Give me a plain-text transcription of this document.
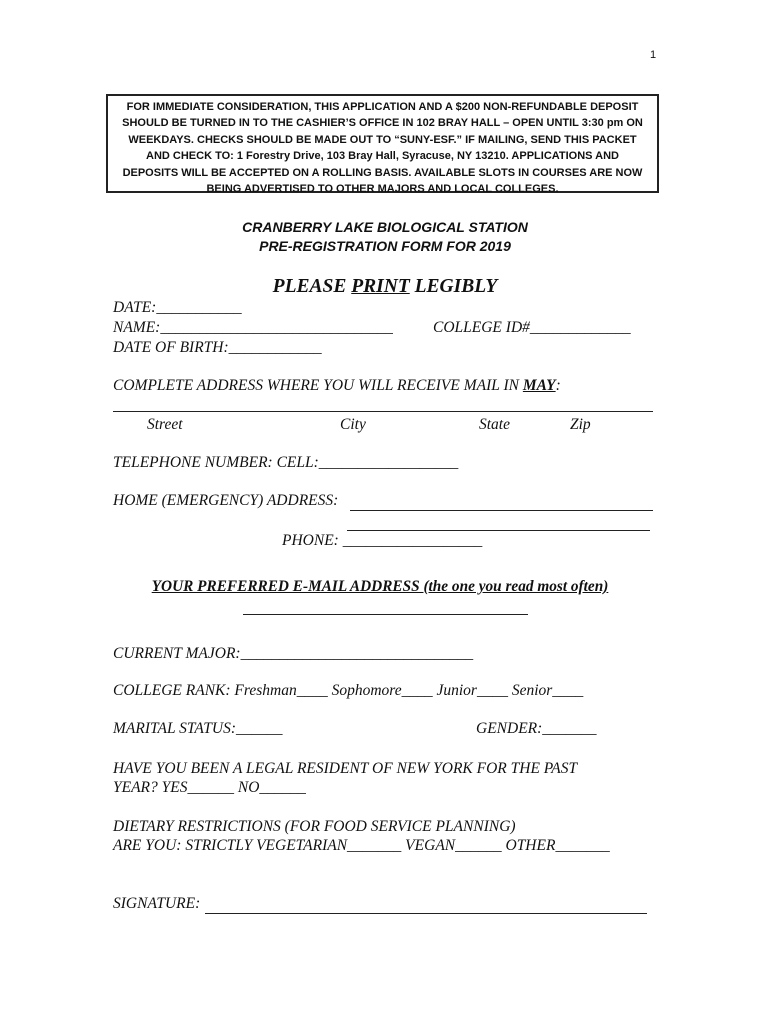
1
FOR IMMEDIATE CONSIDERATION, THIS APPLICATION AND A $200 NON-REFUNDABLE DEPOSIT
SHOULD BE TURNED IN TO THE CASHIER’S OFFICE IN 102 BRAY HALL – OPEN UNTIL 3:30 pm ON
WEEKDAYS. CHECKS SHOULD BE MADE OUT TO “SUNY-ESF.” IF MAILING, SEND THIS PACKET
AND CHECK TO: 1 Forestry Drive, 103 Bray Hall, Syracuse, NY 13210. APPLICATIONS AND
DEPOSITS WILL BE ACCEPTED ON A ROLLING BASIS. AVAILABLE SLOTS IN COURSES ARE NOW
BEING ADVERTISED TO OTHER MAJORS AND LOCAL COLLEGES.
CRANBERRY LAKE BIOLOGICAL STATION
PRE-REGISTRATION FORM FOR 2019
PLEASE PRINT LEGIBLY
DATE:___________
NAME:______________________________	COLLEGE ID#_____________
DATE OF BIRTH:____________
COMPLETE ADDRESS WHERE YOU WILL RECEIVE MAIL IN MAY:
Street	City	State	Zip
TELEPHONE NUMBER: CELL:__________________
HOME (EMERGENCY) ADDRESS:
PHONE: __________________
YOUR PREFERRED E-MAIL ADDRESS (the one you read most often)
CURRENT MAJOR:______________________________
COLLEGE RANK: Freshman____ Sophomore____ Junior____ Senior____
MARITAL STATUS:______	GENDER:_______
HAVE YOU BEEN A LEGAL RESIDENT OF NEW YORK FOR THE PAST
YEAR? YES______ NO______
DIETARY RESTRICTIONS (FOR FOOD SERVICE PLANNING)
ARE YOU: STRICTLY VEGETARIAN_______ VEGAN______ OTHER_______
SIGNATURE:
